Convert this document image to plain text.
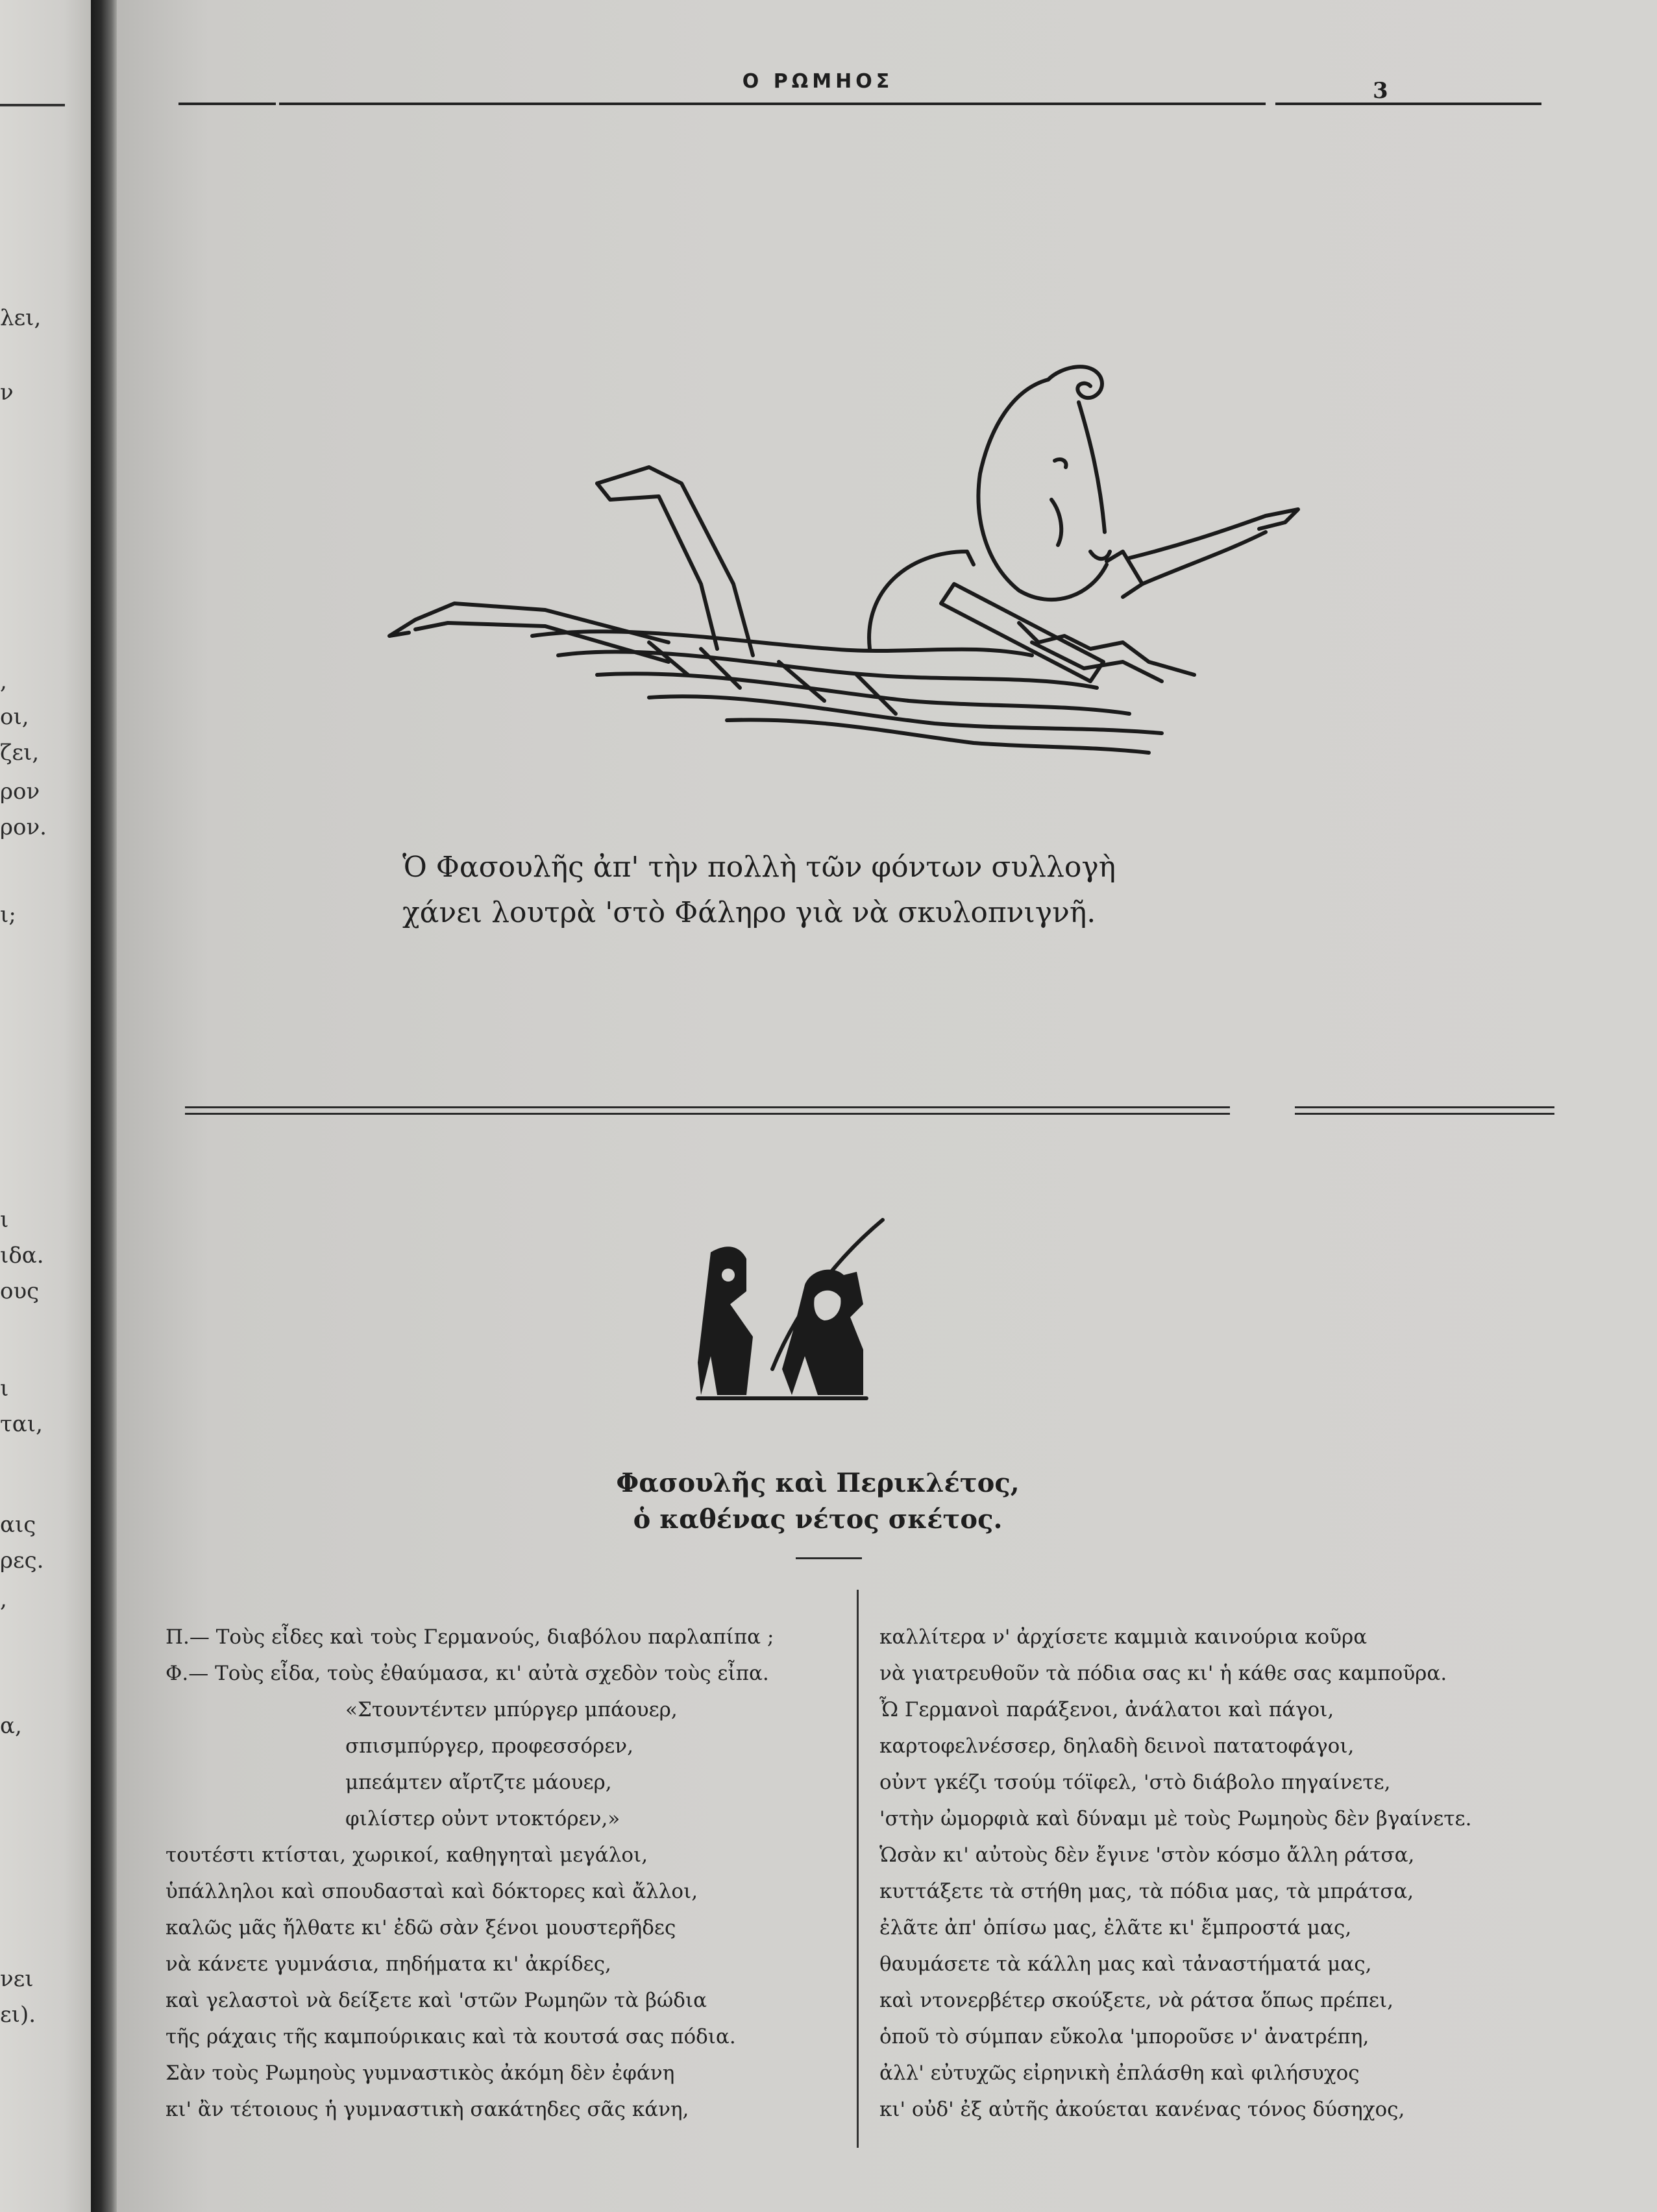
λει,
ν
,
οι,
ζει,
ρον
ρον.
ι;
ι
ιδα.
ους
ι
ται,
αις
ρες.
,
α,
νει
ει).
Ο ΡΩΜΗΟΣ	3
Ὁ Φασουλῆς ἀπ' τὴν πολλὴ τῶν φόντων συλλογὴ
χάνει λουτρὰ 'στὸ Φάληρο γιὰ νὰ σκυλοπνιγνῆ.
Φασουλῆς καὶ Περικλέτος,
ὁ καθένας νέτος σκέτος.
Π.— Τοὺς εἶδες καὶ τοὺς Γερμανούς, διαβόλου παρλαπίπα ;
Φ.— Τοὺς εἶδα, τοὺς ἐθαύμασα, κι' αὐτὰ σχεδὸν τοὺς εἶπα.
«Στουντέντεν μπύργερ μπάουερ,
σπισμπύργερ, προφεσσόρεν,
μπεάμτεν αἴρτζτε μάουερ,
φιλίστερ οὐντ ντοκτόρεν,»
τουτέστι κτίσται, χωρικοί, καθηγηταὶ μεγάλοι,
ὑπάλληλοι καὶ σπουδασταὶ καὶ δόκτορες καὶ ἄλλοι,
καλῶς μᾶς ἤλθατε κι' ἐδῶ σὰν ξένοι μουστερῆδες
νὰ κάνετε γυμνάσια, πηδήματα κι' ἀκρίδες,
καὶ γελαστοὶ νὰ δείξετε καὶ 'στῶν Ρωμηῶν τὰ βώδια
τῆς ράχαις τῆς καμπούρικαις καὶ τὰ κουτσά σας πόδια.
Σὰν τοὺς Ρωμηοὺς γυμναστικὸς ἀκόμη δὲν ἐφάνη
κι' ἂν τέτοιους ἡ γυμναστικὴ σακάτηδες σᾶς κάνη,
καλλίτερα ν' ἀρχίσετε καμμιὰ καινούρια κοῦρα
νὰ γιατρευθοῦν τὰ πόδια σας κι' ἡ κάθε σας καμποῦρα.
Ὦ Γερμανοὶ παράξενοι, ἀνάλατοι καὶ πάγοι,
καρτοφελνέσσερ, δηλαδὴ δεινοὶ πατατοφάγοι,
οὐντ γκέζι τσούμ τόϊφελ, 'στὸ διάβολο πηγαίνετε,
'στὴν ὠμορφιὰ καὶ δύναμι μὲ τοὺς Ρωμηοὺς δὲν βγαίνετε.
Ὡσὰν κι' αὐτοὺς δὲν ἔγινε 'στὸν κόσμο ἄλλη ράτσα,
κυττάξετε τὰ στήθη μας, τὰ πόδια μας, τὰ μπράτσα,
ἐλᾶτε ἀπ' ὀπίσω μας, ἐλᾶτε κι' ἔμπροστά μας,
θαυμάσετε τὰ κάλλη μας καὶ τἀναστήματά μας,
καὶ ντονερβέτερ σκούξετε, νὰ ράτσα ὅπως πρέπει,
ὁποῦ τὸ σύμπαν εὔκολα 'μποροῦσε ν' ἀνατρέπη,
ἀλλ' εὐτυχῶς εἰρηνικὴ ἐπλάσθη καὶ φιλήσυχος
κι' οὐδ' ἐξ αὐτῆς ἀκούεται κανένας τόνος δύσηχος,
